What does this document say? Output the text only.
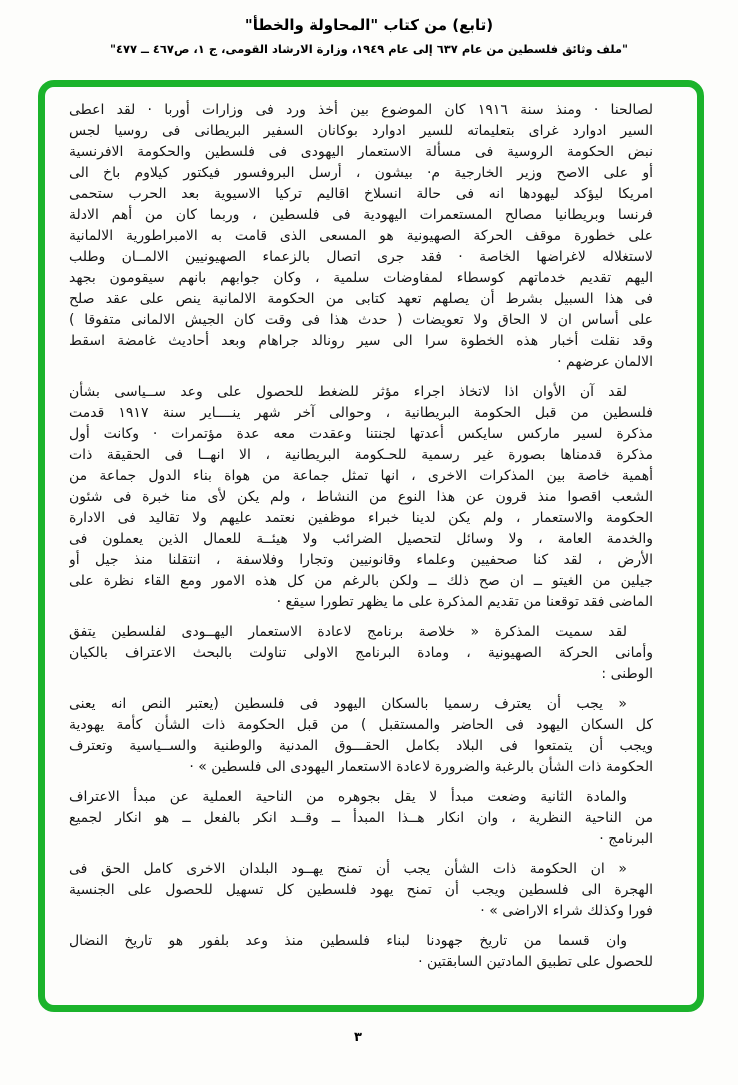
(تابع) من كتاب "المحاولة والخطأ"
"ملف وثائق فلسطين من عام ٦٣٧ إلى عام ١٩٤٩، وزارة الارشاد القومى، ج ١، ص٤٦٧ ــ ٤٧٧"
لصالحنا · ومنذ سنة ١٩١٦ كان الموضوع بين أخذ ورد فى وزارات أوربا · لقد اعطى
السير ادوارد غراى بتعليماته للسير ادوارد بوكانان السفير البريطانى فى روسيا لجس
نبض الحكومة الروسية فى مسألة الاستعمار اليهودى فى فلسطين والحكومة الافرنسية
أو على الاصح وزير الخارجية م· بيشون ، أرسل البروفسور فيكتور كيلاوم باخ الى
امريكا ليؤكد ليهودها انه فى حالة انسلاخ اقاليم تركيا الاسيوية بعد الحرب ستحمى
فرنسا وبريطانيا مصالح المستعمرات اليهودية فى فلسطين ، وربما كان من أهم الادلة
على خطورة موقف الحركة الصهيونية هو المسعى الذى قامت به الامبراطورية الالمانية
لاستغلاله لاغراضها الخاصة · فقد جرى اتصال بالزعماء الصهيونيين الالمــان وطلب
اليهم تقديم خدماتهم كوسطاء لمفاوضات سلمية ، وكان جوابهم بانهم سيقومون بجهد
فى هذا السبيل بشرط أن يصلهم تعهد كتابى من الحكومة الالمانية ينص على عقد صلح
على أساس ان لا الحاق ولا تعويضات ( حدث هذا فى وقت كان الجيش الالمانى متفوقا )
وقد نقلت أخبار هذه الخطوة سرا الى سير رونالد جراهام وبعد أحاديث غامضة اسقط
الالمان عرضهم ·
لقد آن الأوان اذا لاتخاذ اجراء مؤثر للضغط للحصول على وعد ســياسى بشأن
فلسطين من قبل الحكومة البريطانية ، وحوالى آخر شهر ينــــاير سنة ١٩١٧ قدمت
مذكرة لسير ماركس سايكس أعدتها لجنتنا وعقدت معه عدة مؤتمرات · وكانت أول
مذكرة قدمناها بصورة غير رسمية للحـكومة البريطانية ، الا انهــا فى الحقيقة ذات
أهمية خاصة بين المذكرات الاخرى ، انها تمثل جماعة من هواة بناء الدول جماعة من
الشعب اقصوا منذ قرون عن هذا النوع من النشاط ، ولم يكن لأى منا خبرة فى شئون
الحكومة والاستعمار ، ولم يكن لدينا خبراء موظفين نعتمد عليهم ولا تقاليد فى الادارة
والخدمة العامة ، ولا وسائل لتحصيل الضرائب ولا هيئــة للعمال الذين يعملون فى
الأرض ، لقد كنا صحفيين وعلماء وقانونيين وتجارا وفلاسفة ، انتقلنا منذ جيل أو
جيلين من الغيتو ــ ان صح ذلك ــ ولكن بالرغم من كل هذه الامور ومع القاء نظرة على
الماضى فقد توقعنا من تقديم المذكرة على ما يظهر تطورا سيقع ·
لقد سميت المذكرة « خلاصة برنامج لاعادة الاستعمار اليهــودى لفلسطين يتفق
وأمانى الحركة الصهيونية ، ومادة البرنامج الاولى تناولت بالبحث الاعتراف بالكيان
الوطنى :
« يجب أن يعترف رسميا بالسكان اليهود فى فلسطين (يعتبر النص انه يعنى
كل السكان اليهود فى الحاضر والمستقبل ) من قبل الحكومة ذات الشأن كأمة يهودية
ويجب أن يتمتعوا فى البلاد بكامل الحقـــوق المدنية والوطنية والســياسية وتعترف
الحكومة ذات الشأن بالرغبة والضرورة لاعادة الاستعمار اليهودى الى فلسطين » ·
والمادة الثانية وضعت مبدأ لا يقل بجوهره من الناحية العملية عن مبدأ الاعتراف
من الناحية النظرية ، وان انكار هــذا المبدأ ــ وقــد انكر بالفعل ــ هو انكار لجميع
البرنامج ·
« ان الحكومة ذات الشأن يجب أن تمنح يهــود البلدان الاخرى كامل الحق فى
الهجرة الى فلسطين ويجب أن تمنح يهود فلسطين كل تسهيل للحصول على الجنسية
فورا وكذلك شراء الاراضى » ·
وان قسما من تاريخ جهودنا لبناء فلسطين منذ وعد بلفور هو تاريخ النضال
للحصول على تطبيق المادتين السابقتين ·
٣
